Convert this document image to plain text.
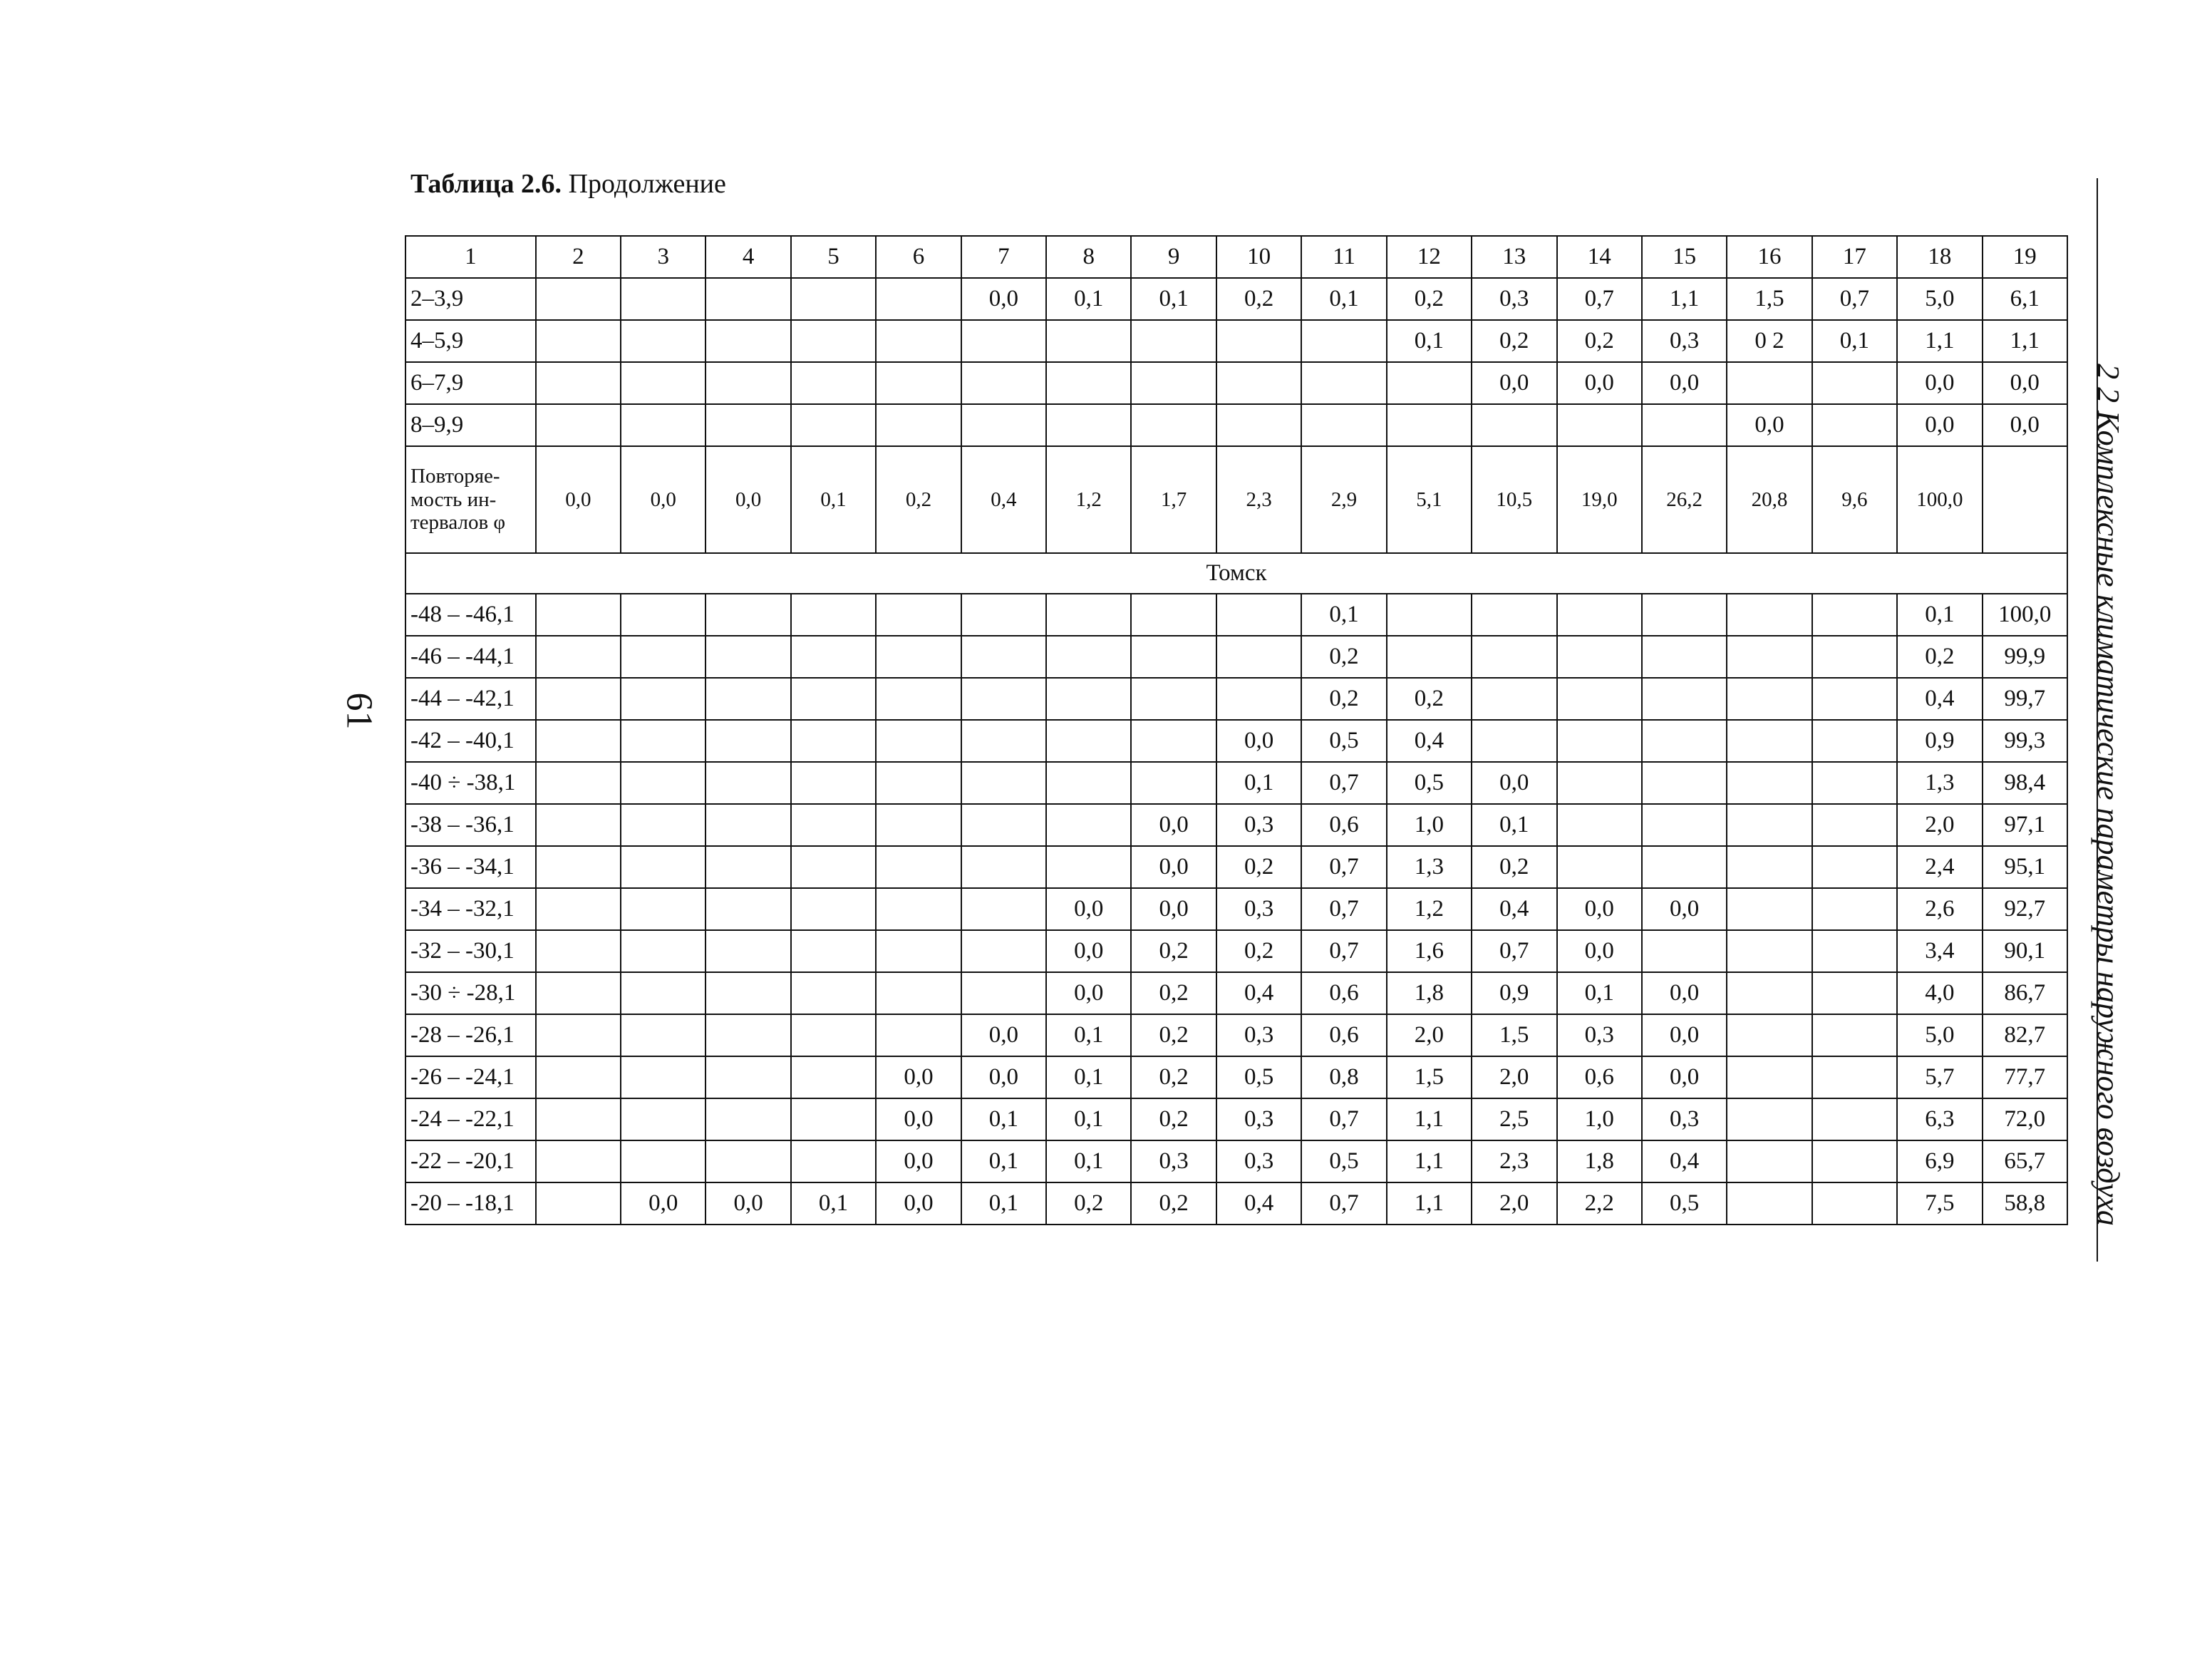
Таблица 2.6. Продолжение
2 2 Комплексные климатические параметры наружного воздуха
61
1	2	3	4	5	6	7	8	9	10	11	12	13	14	15	16	17	18	19
2–3,9						0,0	0,1	0,1	0,2	0,1	0,2	0,3	0,7	1,1	1,5	0,7	5,0	6,1
4–5,9											0,1	0,2	0,2	0,3	0 2	0,1	1,1	1,1
6–7,9												0,0	0,0	0,0			0,0	0,0
8–9,9															0,0		0,0	0,0
Повторяе-мость ин-тервалов φ	0,0	0,0	0,0	0,1	0,2	0,4	1,2	1,7	2,3	2,9	5,1	10,5	19,0	26,2	20,8	9,6	100,0	
Томск																		
-48 – -46,1										0,1							0,1	100,0
-46 – -44,1										0,2							0,2	99,9
-44 – -42,1										0,2	0,2						0,4	99,7
-42 – -40,1									0,0	0,5	0,4						0,9	99,3
-40 ÷ -38,1									0,1	0,7	0,5	0,0					1,3	98,4
-38 – -36,1								0,0	0,3	0,6	1,0	0,1					2,0	97,1
-36 – -34,1								0,0	0,2	0,7	1,3	0,2					2,4	95,1
-34 – -32,1							0,0	0,0	0,3	0,7	1,2	0,4	0,0	0,0			2,6	92,7
-32 – -30,1							0,0	0,2	0,2	0,7	1,6	0,7	0,0				3,4	90,1
-30 ÷ -28,1							0,0	0,2	0,4	0,6	1,8	0,9	0,1	0,0			4,0	86,7
-28 – -26,1						0,0	0,1	0,2	0,3	0,6	2,0	1,5	0,3	0,0			5,0	82,7
-26 – -24,1					0,0	0,0	0,1	0,2	0,5	0,8	1,5	2,0	0,6	0,0			5,7	77,7
-24 – -22,1					0,0	0,1	0,1	0,2	0,3	0,7	1,1	2,5	1,0	0,3			6,3	72,0
-22 – -20,1					0,0	0,1	0,1	0,3	0,3	0,5	1,1	2,3	1,8	0,4			6,9	65,7
-20 – -18,1		0,0	0,0	0,1	0,0	0,1	0,2	0,2	0,4	0,7	1,1	2,0	2,2	0,5			7,5	58,8
